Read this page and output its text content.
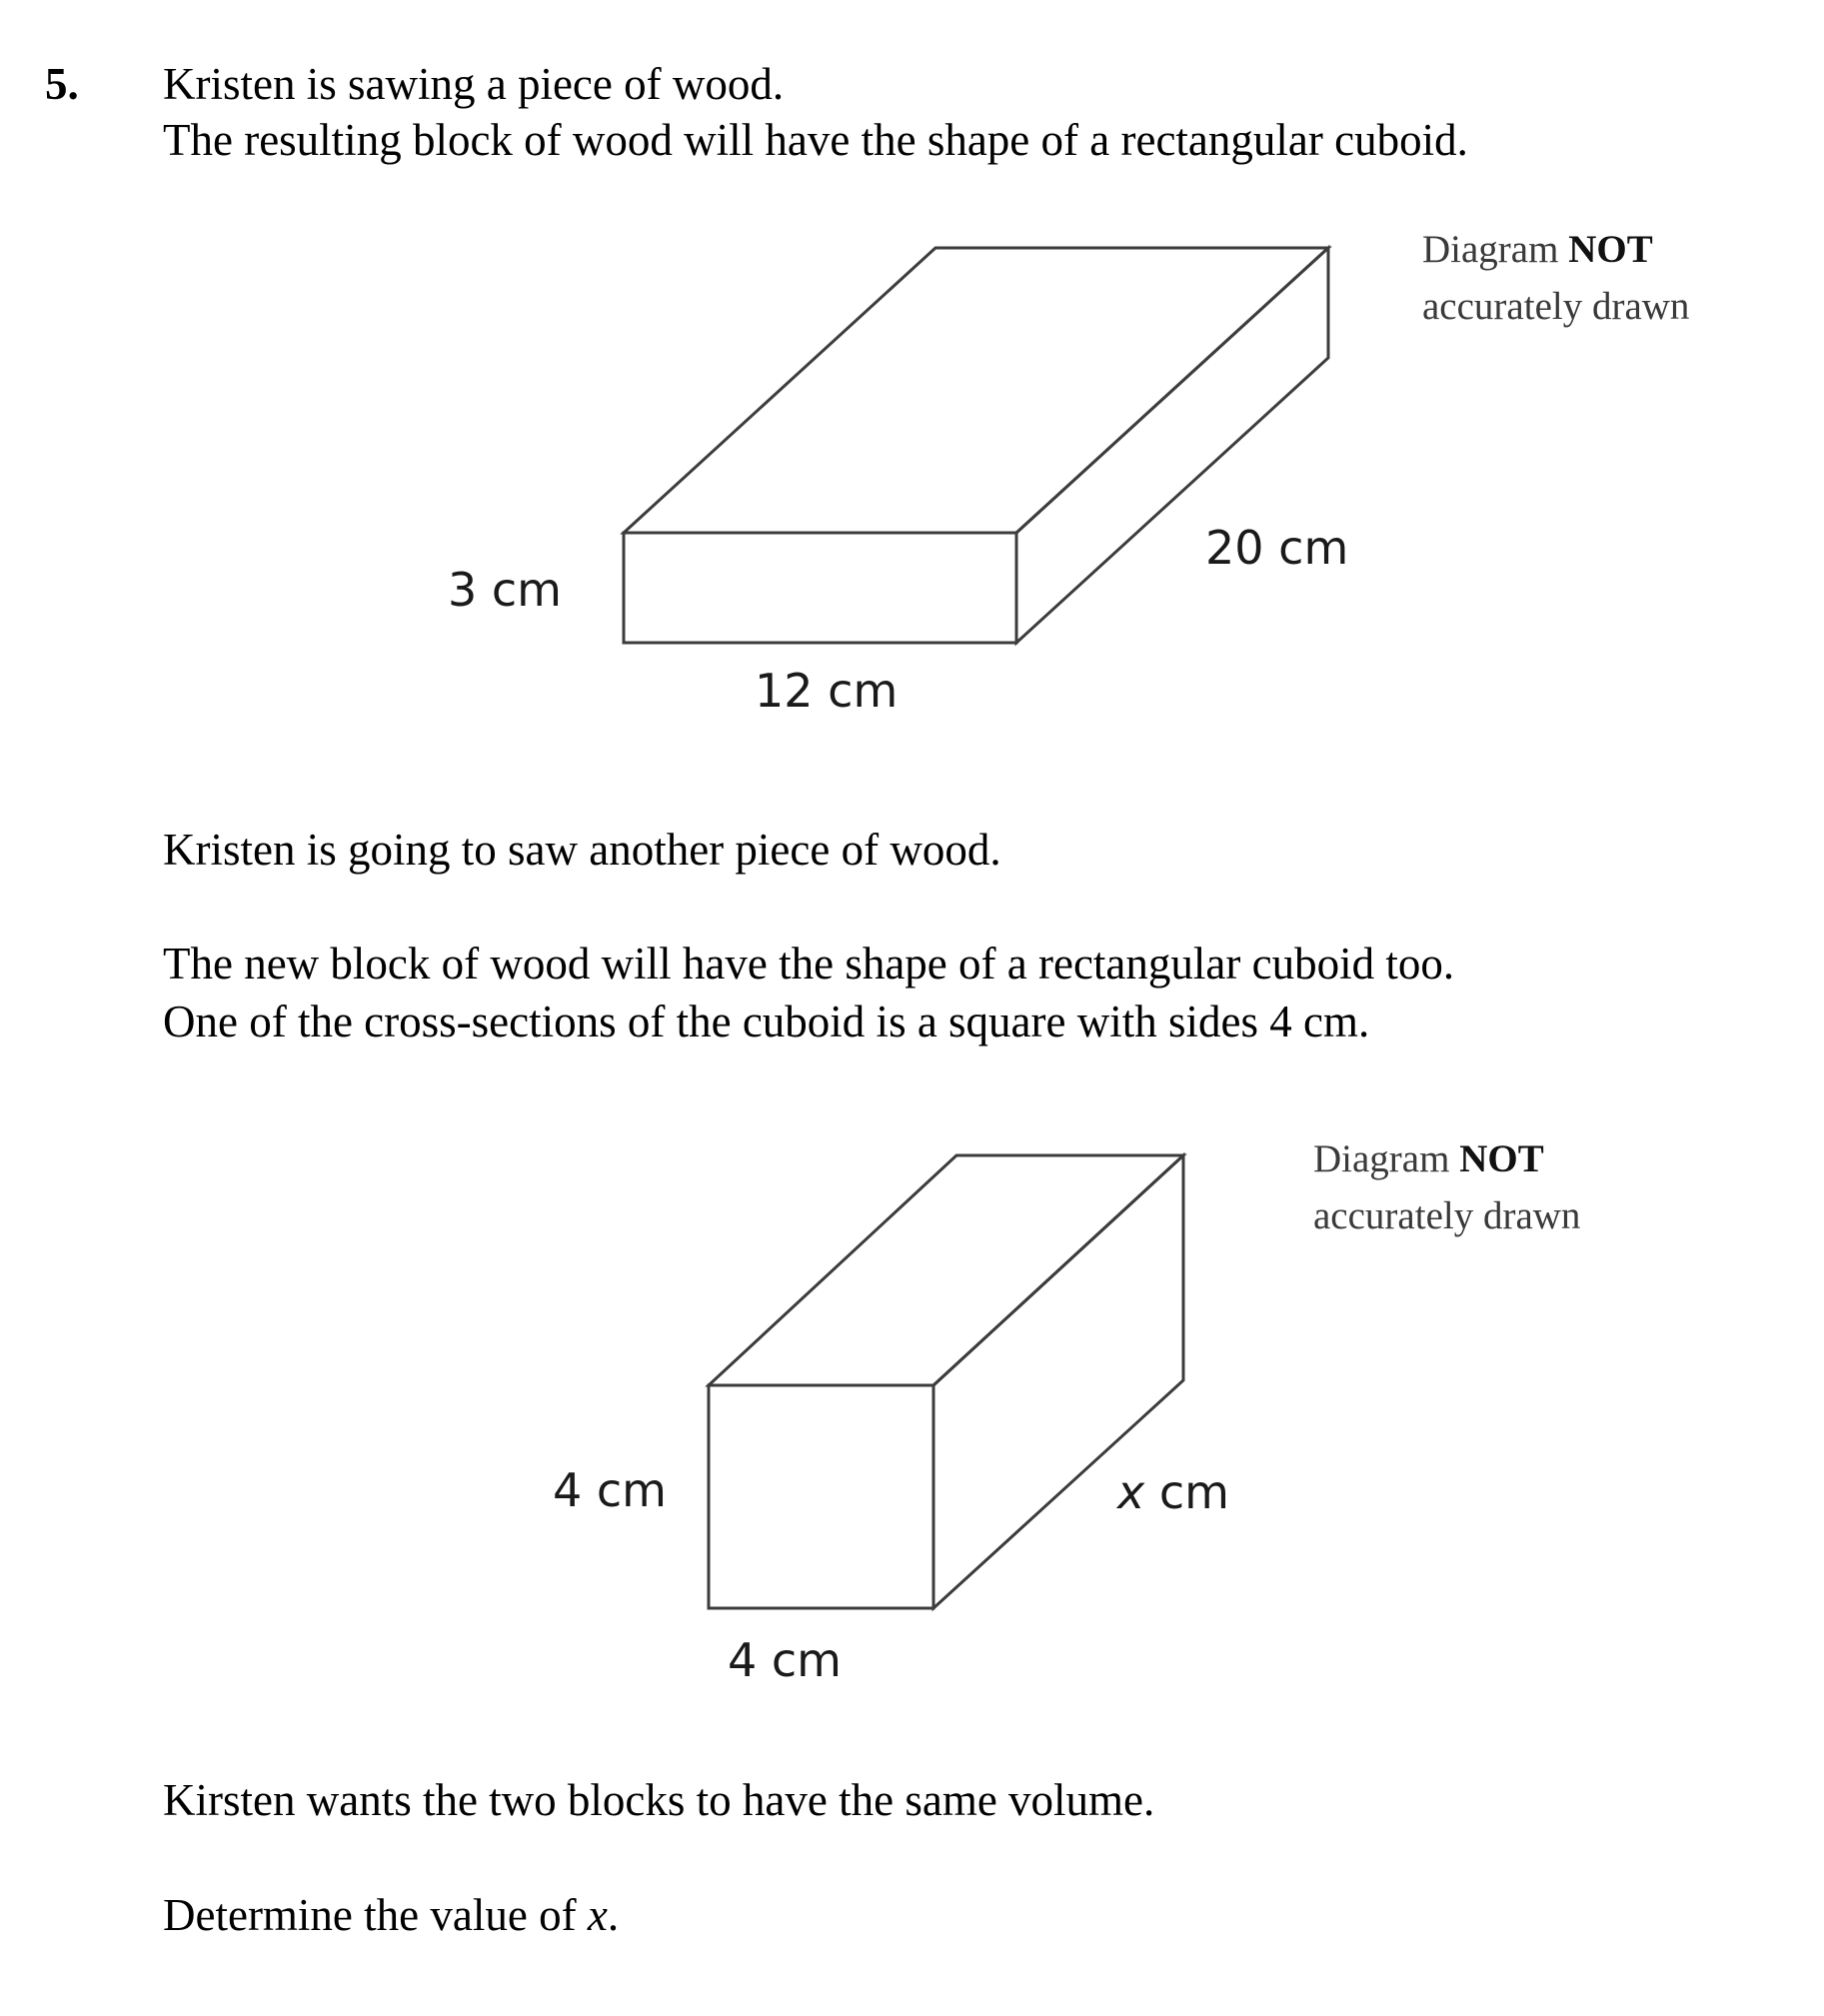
5. Kristen is sawing a piece of wood.
The resulting block of wood will have the shape of a rectangular cuboid.
Diagram NOT
accurately drawn
3 cm
12 cm
20 cm
Kristen is going to saw another piece of wood.
The new block of wood will have the shape of a rectangular cuboid too.
One of the cross-sections of the cuboid is a square with sides 4 cm.
Diagram NOT
accurately drawn
4 cm
4 cm
x cm
Kirsten wants the two blocks to have the same volume.
Determine the value of x.
